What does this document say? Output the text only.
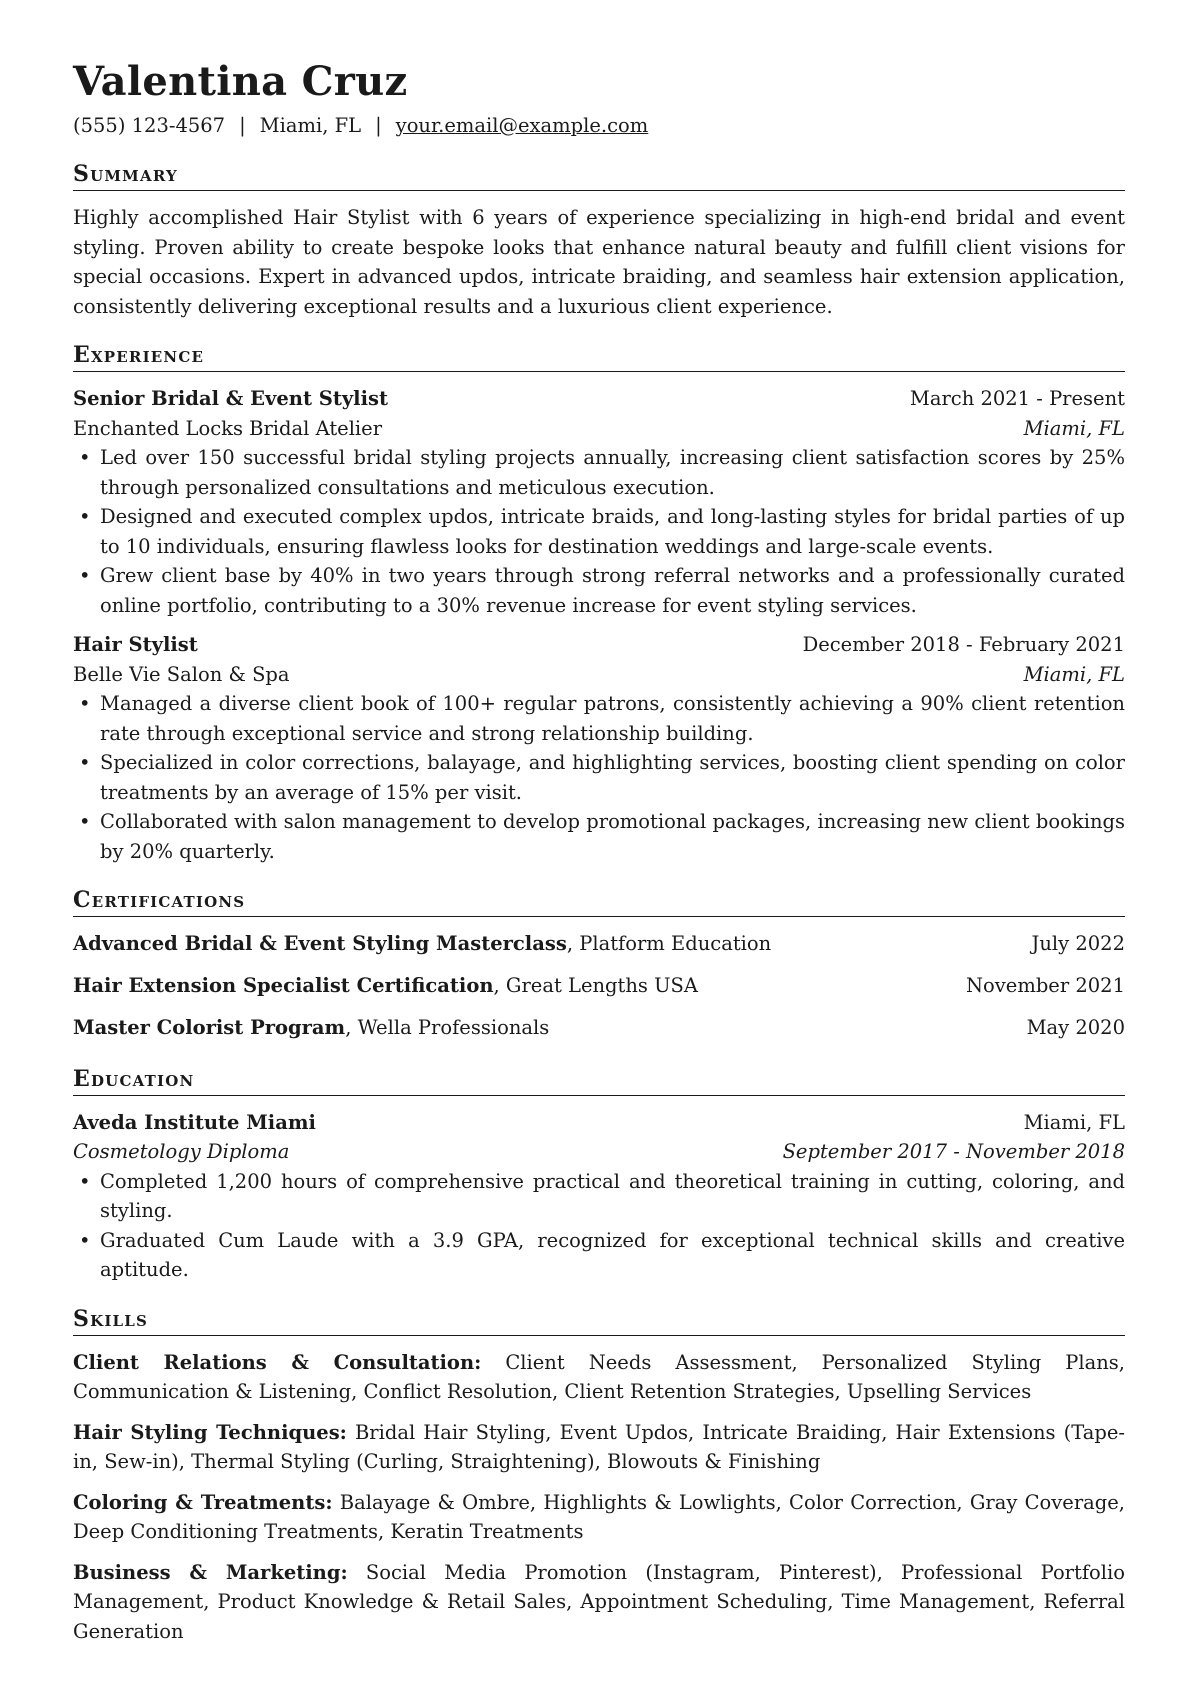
Valentina Cruz
(555) 123-4567 | Miami, FL | your.email@example.com
Summary
Highly accomplished Hair Stylist with 6 years of experience specializing in high-end bridal and event styling. Proven ability to create bespoke looks that enhance natural beauty and fulfill client visions for special occasions. Expert in advanced updos, intricate braiding, and seamless hair extension application, consistently delivering exceptional results and a luxurious client experience.
Experience
Senior Bridal & Event Stylist	March 2021 - Present
Enchanted Locks Bridal Atelier	Miami, FL
• Led over 150 successful bridal styling projects annually, increasing client satisfaction scores by 25% through personalized consultations and meticulous execution.
• Designed and executed complex updos, intricate braids, and long-lasting styles for bridal parties of up to 10 individuals, ensuring flawless looks for destination weddings and large-scale events.
• Grew client base by 40% in two years through strong referral networks and a professionally curated online portfolio, contributing to a 30% revenue increase for event styling services.
Hair Stylist	December 2018 - February 2021
Belle Vie Salon & Spa	Miami, FL
• Managed a diverse client book of 100+ regular patrons, consistently achieving a 90% client retention rate through exceptional service and strong relationship building.
• Specialized in color corrections, balayage, and highlighting services, boosting client spending on color treatments by an average of 15% per visit.
• Collaborated with salon management to develop promotional packages, increasing new client bookings by 20% quarterly.
Certifications
Advanced Bridal & Event Styling Masterclass, Platform Education	July 2022
Hair Extension Specialist Certification, Great Lengths USA	November 2021
Master Colorist Program, Wella Professionals	May 2020
Education
Aveda Institute Miami	Miami, FL
Cosmetology Diploma	September 2017 - November 2018
• Completed 1,200 hours of comprehensive practical and theoretical training in cutting, coloring, and styling.
• Graduated Cum Laude with a 3.9 GPA, recognized for exceptional technical skills and creative aptitude.
Skills
Client Relations & Consultation: Client Needs Assessment, Personalized Styling Plans, Communication & Listening, Conflict Resolution, Client Retention Strategies, Upselling Services
Hair Styling Techniques: Bridal Hair Styling, Event Updos, Intricate Braiding, Hair Extensions (Tape-in, Sew-in), Thermal Styling (Curling, Straightening), Blowouts & Finishing
Coloring & Treatments: Balayage & Ombre, Highlights & Lowlights, Color Correction, Gray Coverage, Deep Conditioning Treatments, Keratin Treatments
Business & Marketing: Social Media Promotion (Instagram, Pinterest), Professional Portfolio Management, Product Knowledge & Retail Sales, Appointment Scheduling, Time Management, Referral Generation
